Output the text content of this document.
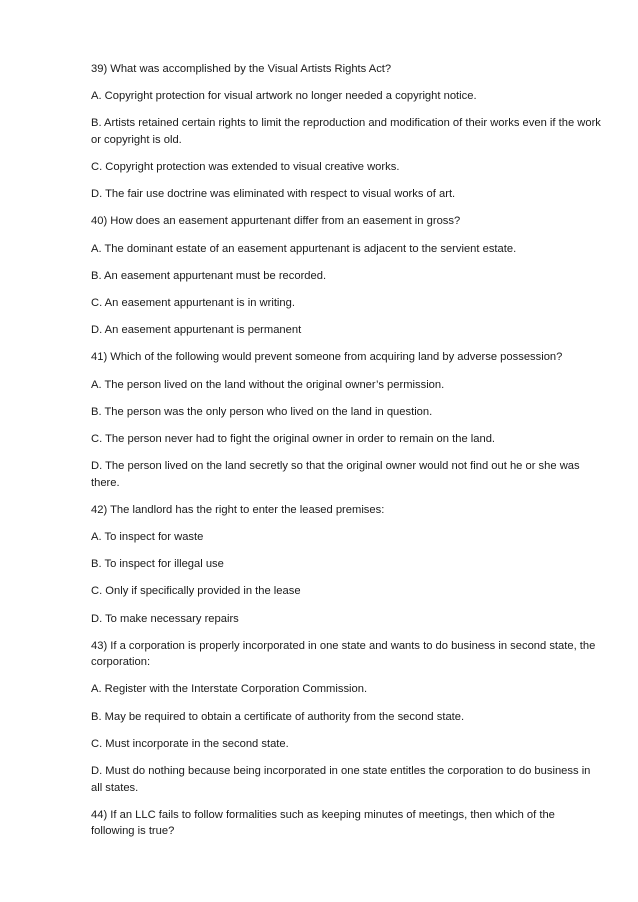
39) What was accomplished by the Visual Artists Rights Act?

A. Copyright protection for visual artwork no longer needed a copyright notice.

B. Artists retained certain rights to limit the reproduction and modification of their works even if the work or copyright is old.

C. Copyright protection was extended to visual creative works.

D. The fair use doctrine was eliminated with respect to visual works of art.

40) How does an easement appurtenant differ from an easement in gross?

A. The dominant estate of an easement appurtenant is adjacent to the servient estate.

B. An easement appurtenant must be recorded.

C. An easement appurtenant is in writing.

D. An easement appurtenant is permanent

41) Which of the following would prevent someone from acquiring land by adverse possession?

A. The person lived on the land without the original owner’s permission.

B. The person was the only person who lived on the land in question.

C. The person never had to fight the original owner in order to remain on the land.

D. The person lived on the land secretly so that the original owner would not find out he or she was there.

42) The landlord has the right to enter the leased premises:

A. To inspect for waste

B. To inspect for illegal use

C. Only if specifically provided in the lease

D. To make necessary repairs

43) If a corporation is properly incorporated in one state and wants to do business in second state, the corporation:

A. Register with the Interstate Corporation Commission.

B. May be required to obtain a certificate of authority from the second state.

C. Must incorporate in the second state.

D. Must do nothing because being incorporated in one state entitles the corporation to do business in all states.

44) If an LLC fails to follow formalities such as keeping minutes of meetings, then which of the following is true?
